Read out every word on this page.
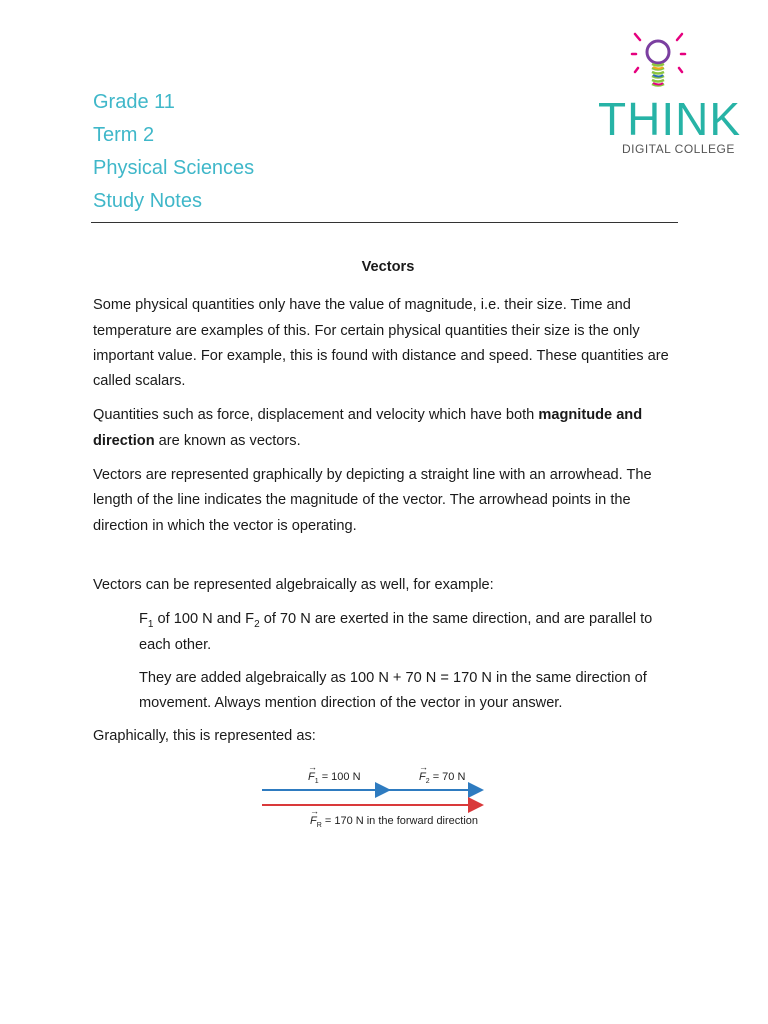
Grade 11
Term 2
Physical Sciences
Study Notes
THINK
DIGITAL COLLEGE
Vectors

Some physical quantities only have the value of magnitude, i.e. their size. Time and temperature are examples of this. For certain physical quantities their size is the only important value. For example, this is found with distance and speed. These quantities are called scalars.

Quantities such as force, displacement and velocity which have both magnitude and direction are known as vectors.

Vectors are represented graphically by depicting a straight line with an arrowhead. The length of the line indicates the magnitude of the vector. The arrowhead points in the direction in which the vector is operating.

Vectors can be represented algebraically as well, for example:

$F_1$ of 100 N and $F_2$ of 70 N are exerted in the same direction, and are parallel to each other.

They are added algebraically as 100 N + 70 N = 170 N in the same direction of movement. Always mention direction of the vector in your answer.

Graphically, this is represented as:

$F_1 = 100$ N
→
$F_2 = 70$ N
→
$F_R = 170$ N in the forward direction
→
